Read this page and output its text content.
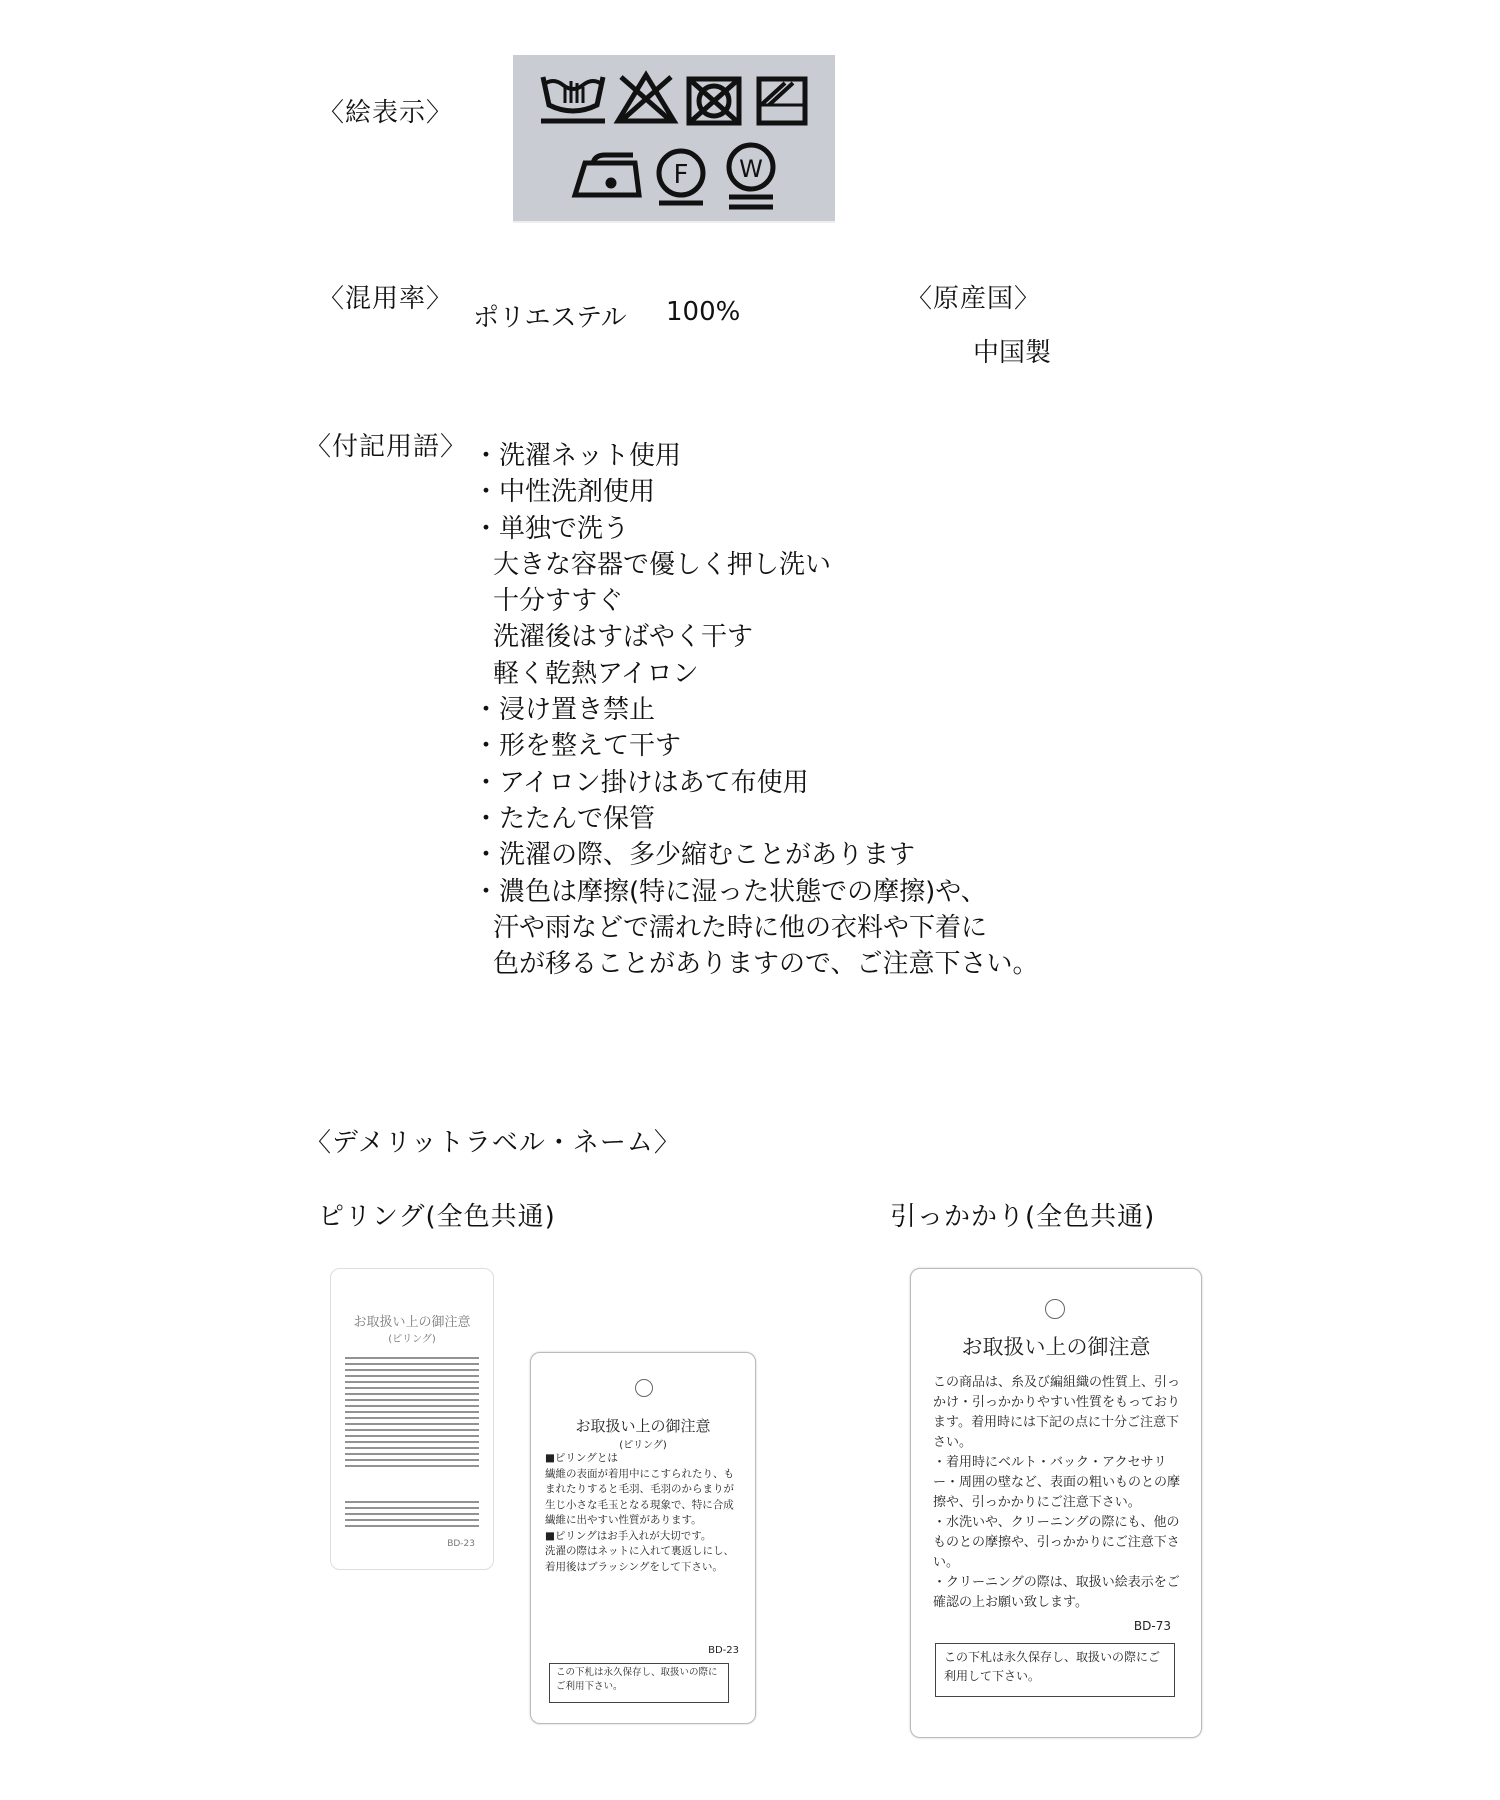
〈絵表示〉
F W
〈混用率〉
ポリエステル 100%	〈原産国〉
中国製
〈付記用語〉 ・洗濯ネット使用
・中性洗剤使用
・単独で洗う
大きな容器で優しく押し洗い
十分すすぐ
洗濯後はすばやく干す
軽く乾熱アイロン
・浸け置き禁止
・形を整えて干す
・アイロン掛けはあて布使用
・たたんで保管
・洗濯の際、多少縮むことがあります
・濃色は摩擦(特に湿った状態での摩擦)や、
汗や雨などで濡れた時に他の衣料や下着に
色が移ることがありますので、ご注意下さい。
〈デメリットラベル・ネーム〉
ピリング(全色共通)	引っかかり(全色共通)
お取扱い上の御注意
(ピリング)
BD-23
お取扱い上の御注意
(ピリング)
■ピリングとは
繊維の表面が着用中にこすられたり、もまれたりすると毛羽、毛羽のからまりが生じ小さな毛玉となる現象で、特に合成繊維に出やすい性質があります。
■ピリングはお手入れが大切です。
洗濯の際はネットに入れて裏返しにし、着用後はブラッシングをして下さい。
BD-23
この下札は永久保存し、取扱いの際にご利用下さい。
お取扱い上の御注意
この商品は、糸及び編組織の性質上、引っかけ・引っかかりやすい性質をもっております。着用時には下記の点に十分ご注意下さい。
・着用時にベルト・バック・アクセサリー・周囲の壁など、表面の粗いものとの摩擦や、引っかかりにご注意下さい。
・水洗いや、クリーニングの際にも、他のものとの摩擦や、引っかかりにご注意下さい。
・クリーニングの際は、取扱い絵表示をご確認の上お願い致します。
BD-73
この下札は永久保存し、取扱いの際にご利用して下さい。
